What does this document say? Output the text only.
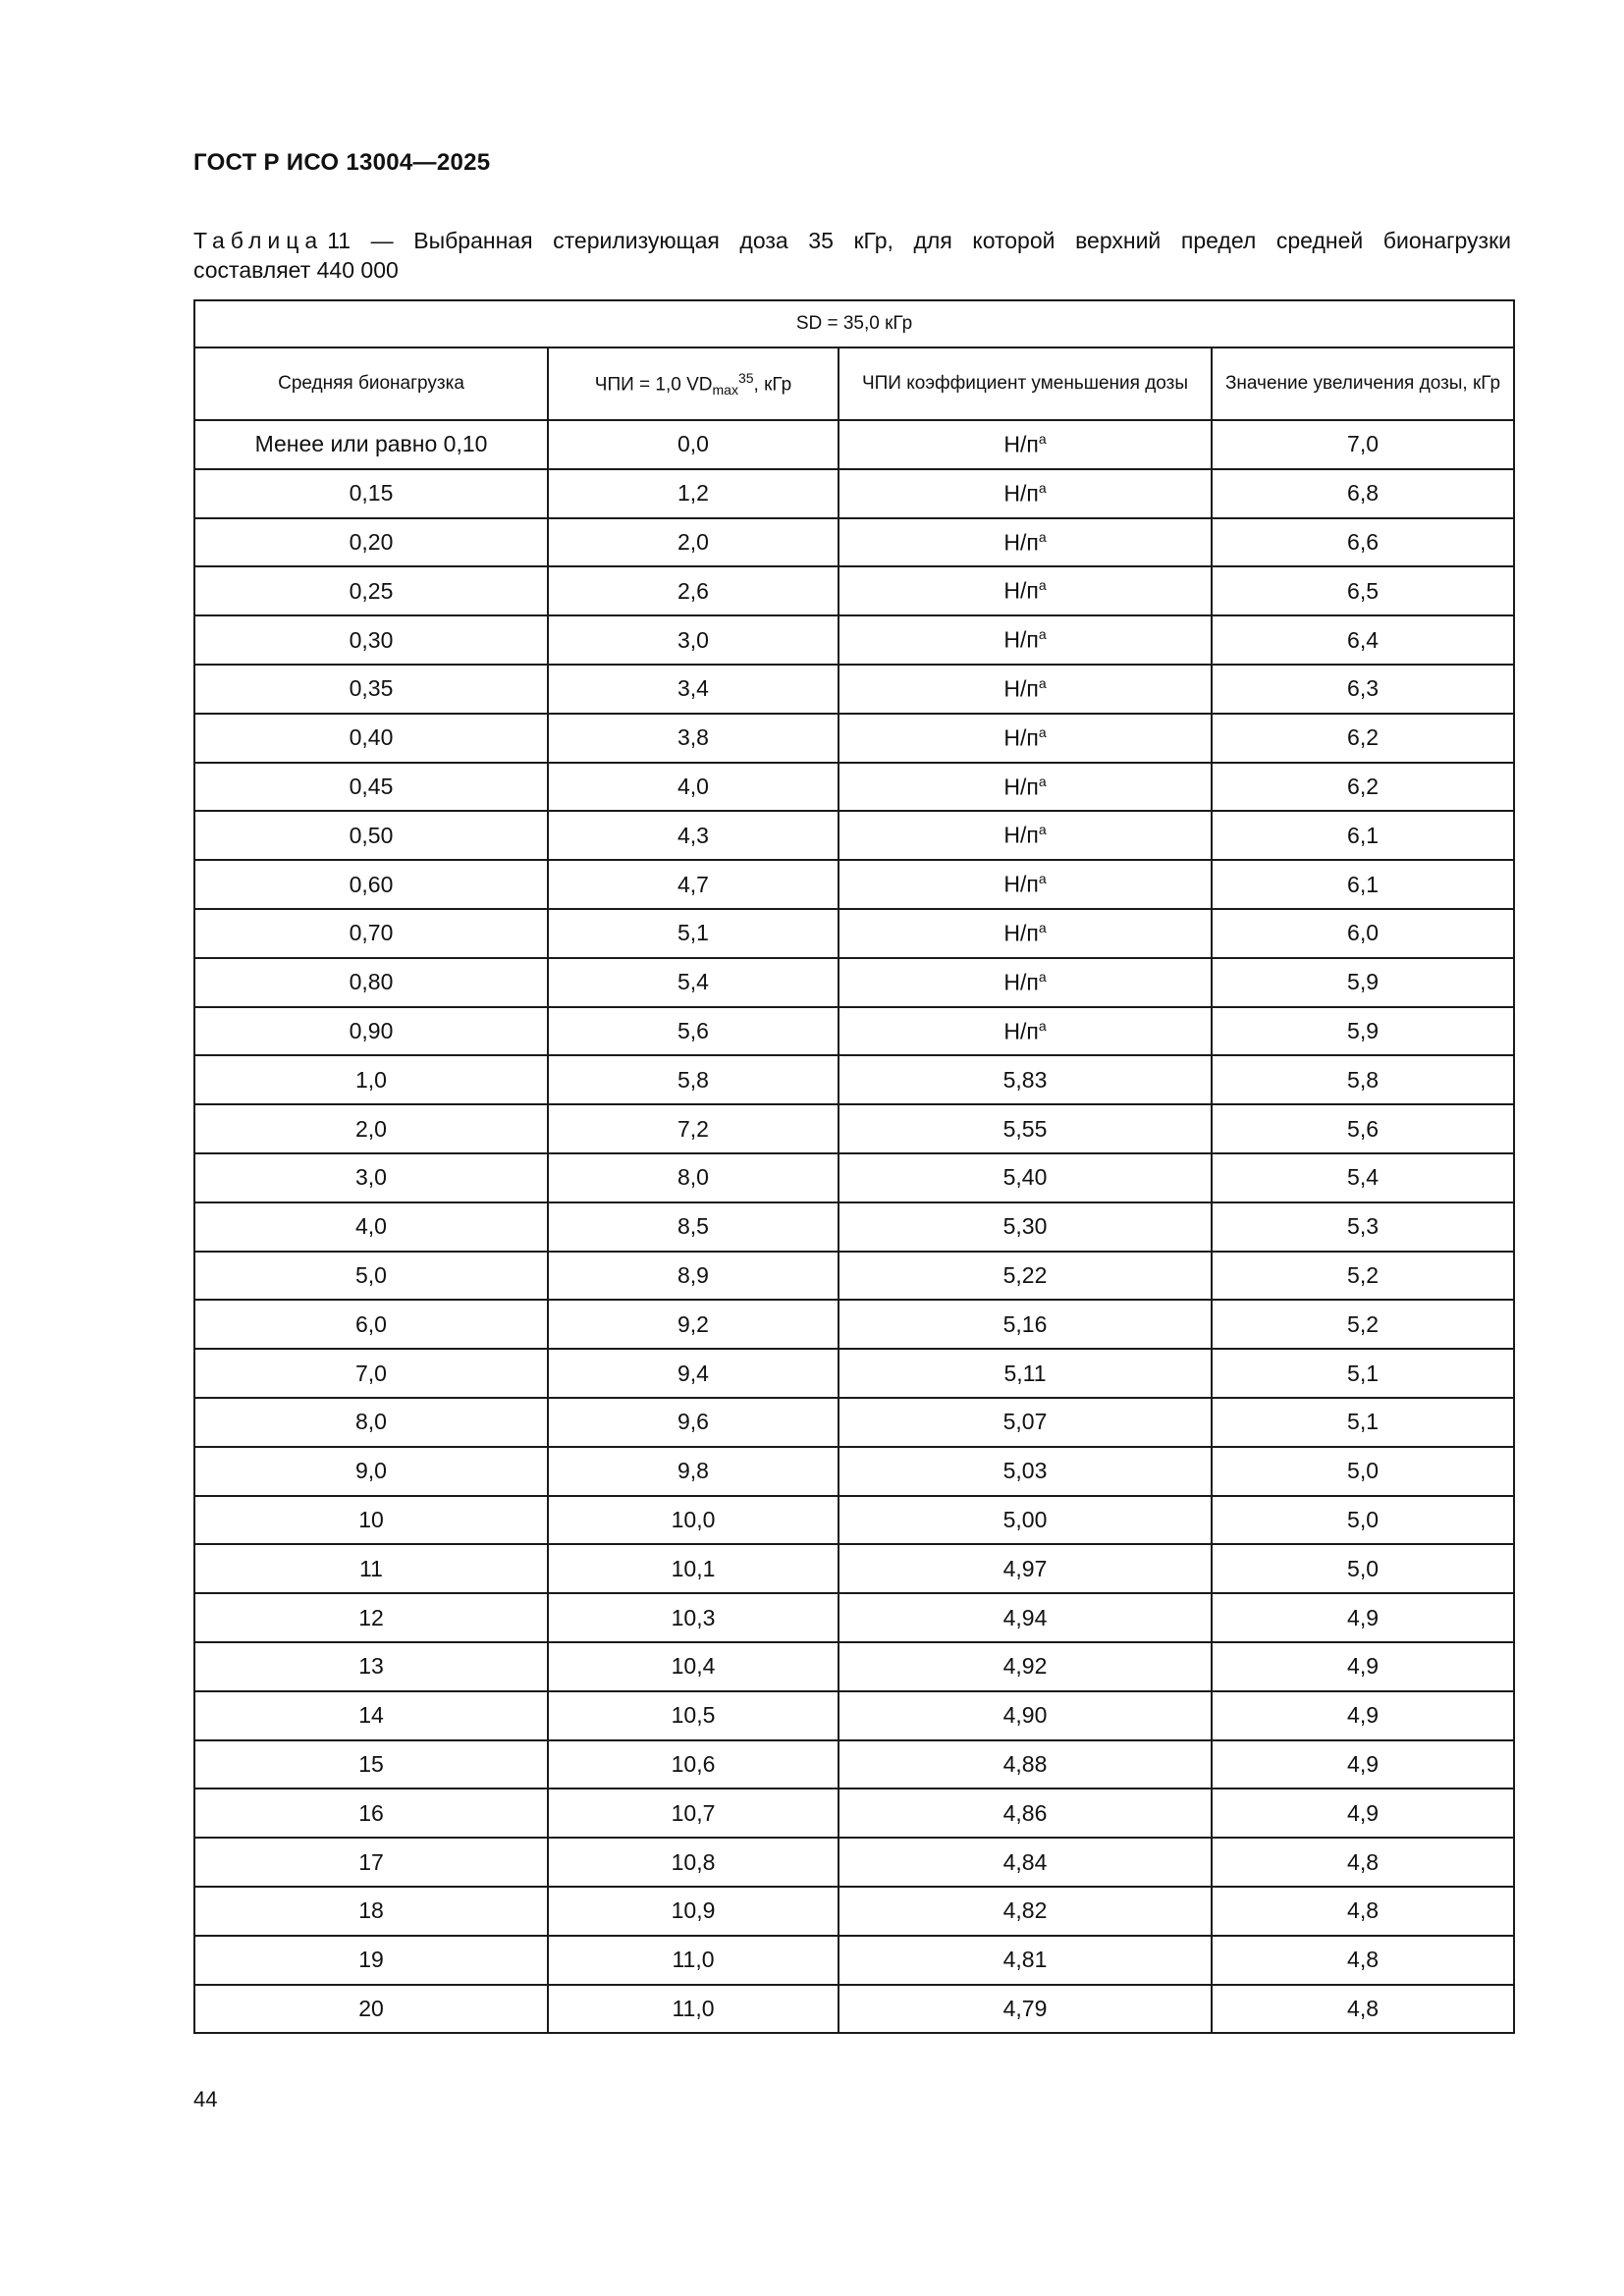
ГОСТ Р ИСО 13004—2025
Таблица 11 — Выбранная стерилизующая доза 35 кГр, для которой верхний предел средней бионагрузки
составляет 440 000
SD = 35,0 кГр			
Средняя бионагрузка	ЧПИ = 1,0 $VD_{max}^{35}$, кГр	ЧПИ коэффициент уменьшения дозы	Значение увеличения дозы, кГр
Менее или равно 0,10	0,0	$Н/п^a$	7,0
0,15	1,2	$Н/п^a$	6,8
0,20	2,0	$Н/п^a$	6,6
0,25	2,6	$Н/п^a$	6,5
0,30	3,0	$Н/п^a$	6,4
0,35	3,4	$Н/п^a$	6,3
0,40	3,8	$Н/п^a$	6,2
0,45	4,0	$Н/п^a$	6,2
0,50	4,3	$Н/п^a$	6,1
0,60	4,7	$Н/п^a$	6,1
0,70	5,1	$Н/п^a$	6,0
0,80	5,4	$Н/п^a$	5,9
0,90	5,6	$Н/п^a$	5,9
1,0	5,8	5,83	5,8
2,0	7,2	5,55	5,6
3,0	8,0	5,40	5,4
4,0	8,5	5,30	5,3
5,0	8,9	5,22	5,2
6,0	9,2	5,16	5,2
7,0	9,4	5,11	5,1
8,0	9,6	5,07	5,1
9,0	9,8	5,03	5,0
10	10,0	5,00	5,0
11	10,1	4,97	5,0
12	10,3	4,94	4,9
13	10,4	4,92	4,9
14	10,5	4,90	4,9
15	10,6	4,88	4,9
16	10,7	4,86	4,9
17	10,8	4,84	4,8
18	10,9	4,82	4,8
19	11,0	4,81	4,8
20	11,0	4,79	4,8
44
